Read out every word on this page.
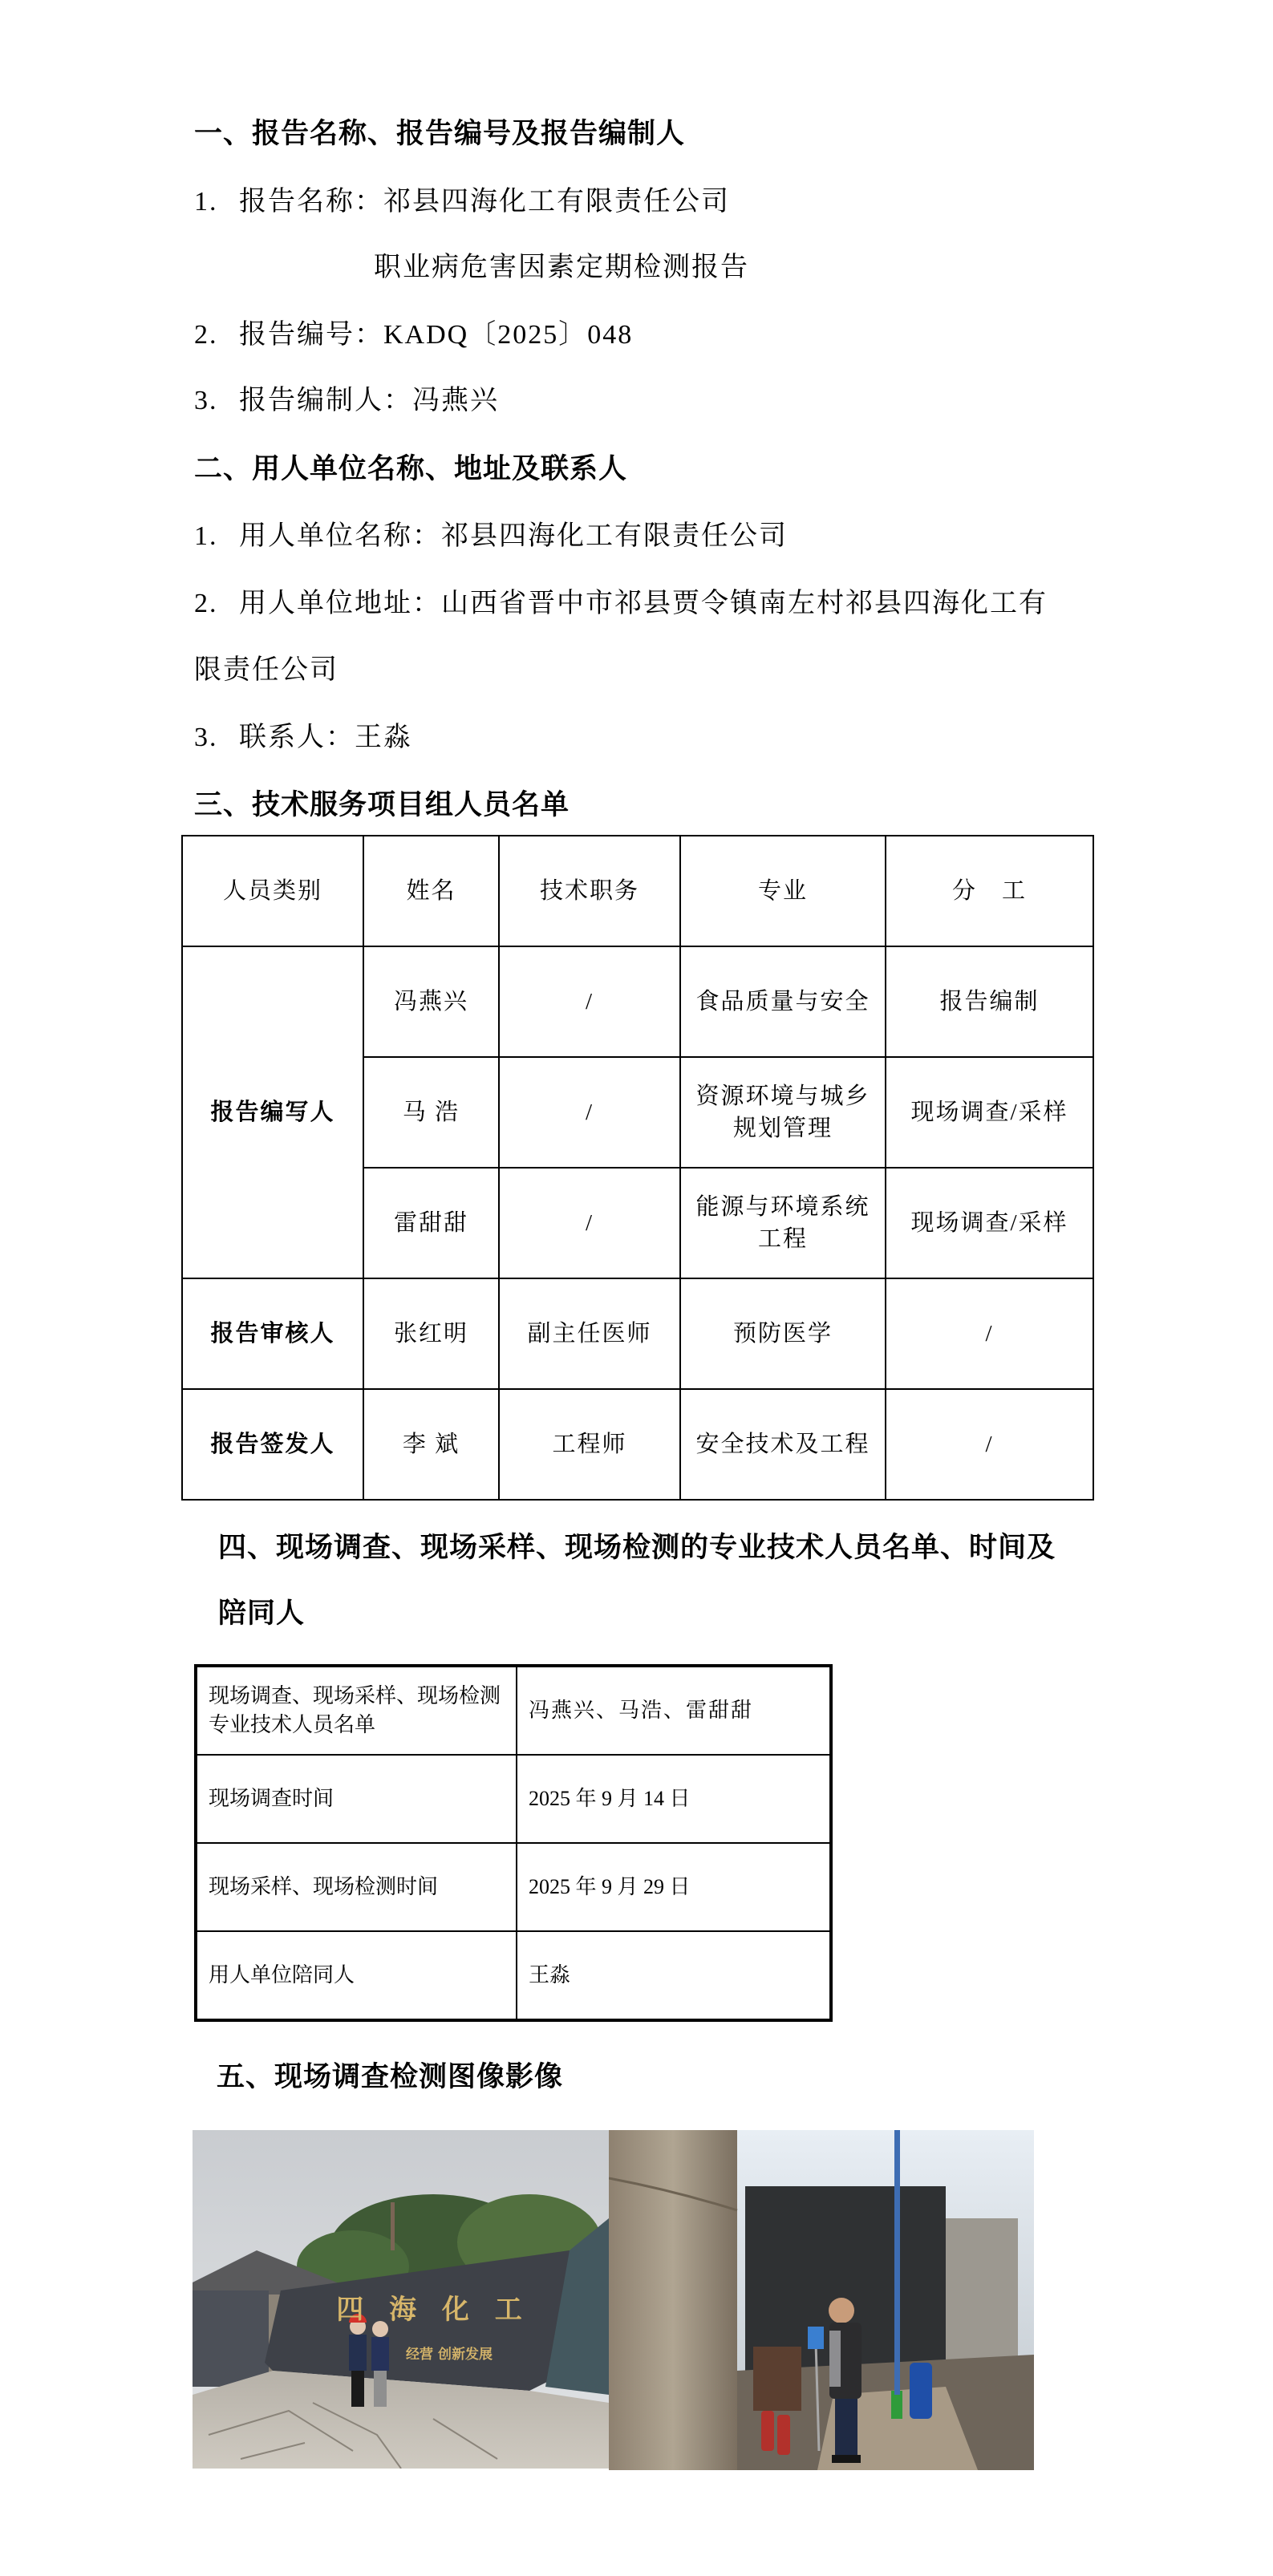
一、报告名称、报告编号及报告编制人
1. 报告名称：祁县四海化工有限责任公司
职业病危害因素定期检测报告
2. 报告编号：KADQ〔2025〕048
3. 报告编制人：冯燕兴
二、用人单位名称、地址及联系人
1. 用人单位名称：祁县四海化工有限责任公司
2. 用人单位地址：山西省晋中市祁县贾令镇南左村祁县四海化工有
限责任公司
3. 联系人：王淼
三、技术服务项目组人员名单
人员类别	姓名	技术职务	专业	分　工
报告编写人	冯燕兴	/	食品质量与安全	报告编制
	马 浩	/	资源环境与城乡规划管理	现场调查/采样
	雷甜甜	/	能源与环境系统工程	现场调查/采样
报告审核人	张红明	副主任医师	预防医学	/
报告签发人	李 斌	工程师	安全技术及工程	/
四、现场调查、现场采样、现场检测的专业技术人员名单、时间及
陪同人
现场调查、现场采样、现场检测专业技术人员名单	冯燕兴、马浩、雷甜甜
现场调查时间	2025 年 9 月 14 日
现场采样、现场检测时间	2025 年 9 月 29 日
用人单位陪同人	王淼
五、现场调查检测图像影像
四 海 化 工
经营 创新发展
